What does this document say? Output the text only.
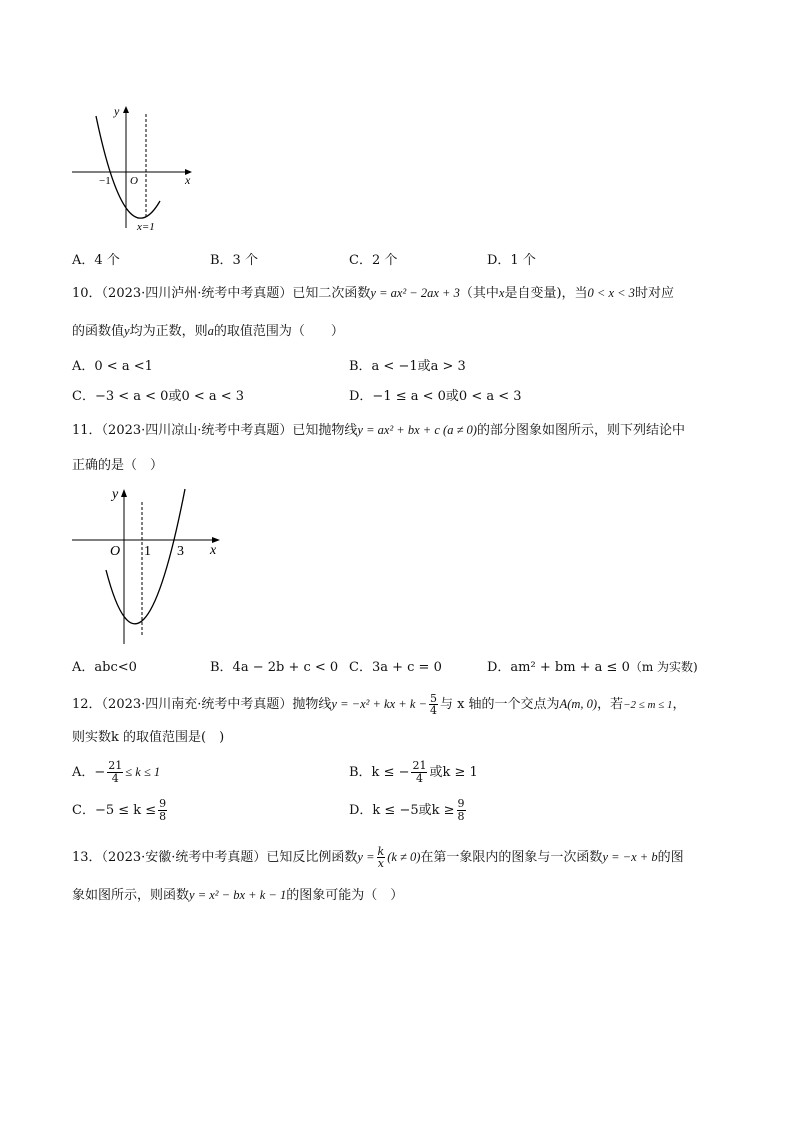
y
x
−1 O
x=1
A．4 个	B．3 个	C．2 个	D．1 个
10．（2023·四川泸州·统考中考真题）已知二次函数y = ax² − 2ax + 3（其中x是自变量)，当0 < x < 3时对应
的函数值y均为正数，则a的取值范围为（　　）
A．0 < a <1	B．a < −1或a > 3
C．−3 < a < 0或0 < a < 3	D．−1 ≤ a < 0或0 < a < 3
11．（2023·四川凉山·统考中考真题）已知抛物线y = ax² + bx + c (a ≠ 0)的部分图象如图所示，则下列结论中
正确的是（　）
y
x
O 1 3
A．abc<0	B．4a − 2b + c < 0 C．3a + c = 0	D．am² + bm + a ≤ 0（m 为实数)
12．（2023·四川南充·统考中考真题）抛物线y = −x² + kx + $k - \frac{5}{4}$ 与 x 轴的一个交点为A(m, 0)，若−2 ≤ m ≤ 1，
则实数k 的取值范围是(　)
A．− $\frac{21}{4} \le k \le 1$	B．k ≤ − $\frac{21}{4}$ 或k ≥ 1
C．$-5 \le k \le \frac{9}{8}$	D．k ≤ −5或$k \ge \frac{9}{8}$
13．（2023·安徽·统考中考真题）已知反比例函数$y = \frac{k}{x} (k \ne 0)$在第一象限内的图象与一次函数y = −x + b的图
象如图所示，则函数y = x² − bx + k − 1的图象可能为（　）
